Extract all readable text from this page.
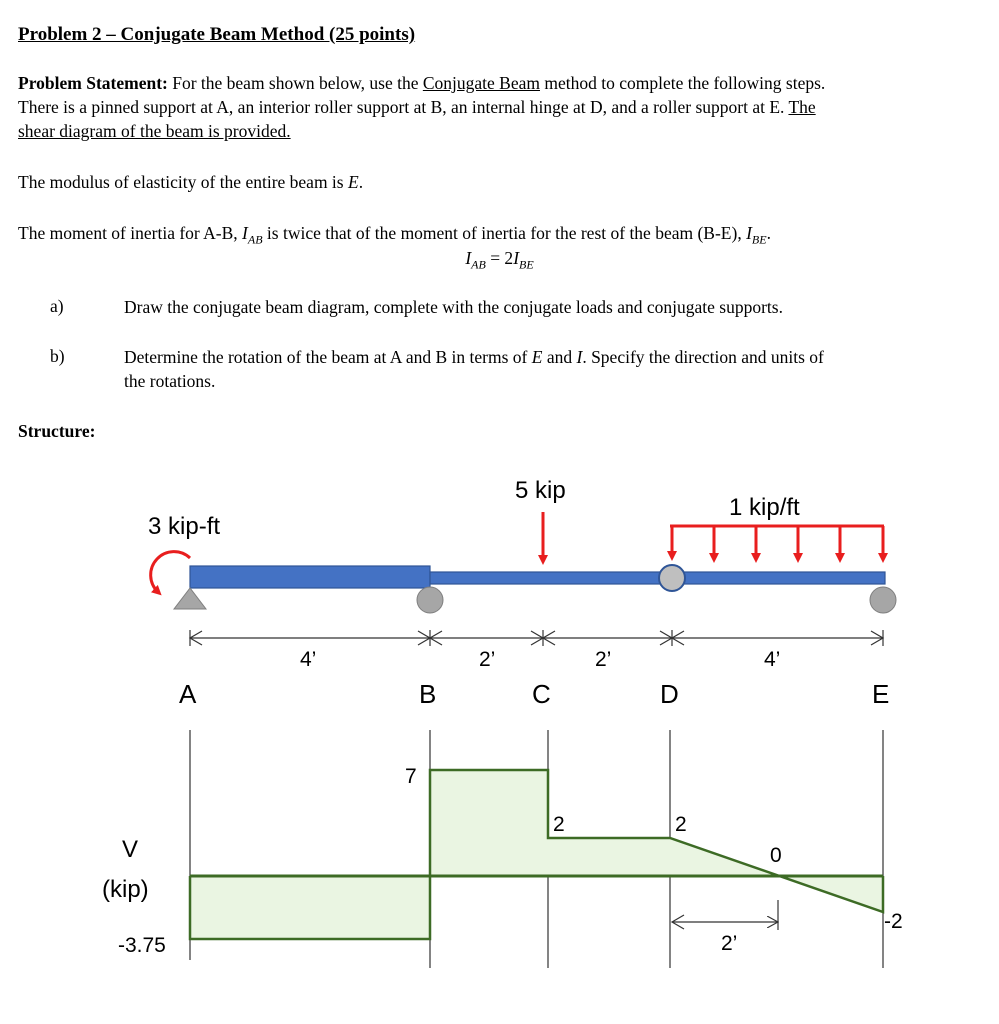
Problem 2 – Conjugate Beam Method (25 points)
Problem Statement: For the beam shown below, use the Conjugate Beam method to complete the following steps.
There is a pinned support at A, an interior roller support at B, an internal hinge at D, and a roller support at E. The
shear diagram of the beam is provided.
The modulus of elasticity of the entire beam is E.
The moment of inertia for A-B, $I_{AB}$ is twice that of the moment of inertia for the rest of the beam (B-E), $I_{BE}$.
$I_{AB} = 2I_{BE}$
a)	Draw the conjugate beam diagram, complete with the conjugate loads and conjugate supports.
b)	Determine the rotation of the beam at A and B in terms of E and I. Specify the direction and units of
the rotations.
Structure:
3 kip-ft
5 kip
1 kip/ft
4’	2’	2’	4’
A	B	C	D	E
V
(kip)
-3.75
7
2	2
0
-2
2’
